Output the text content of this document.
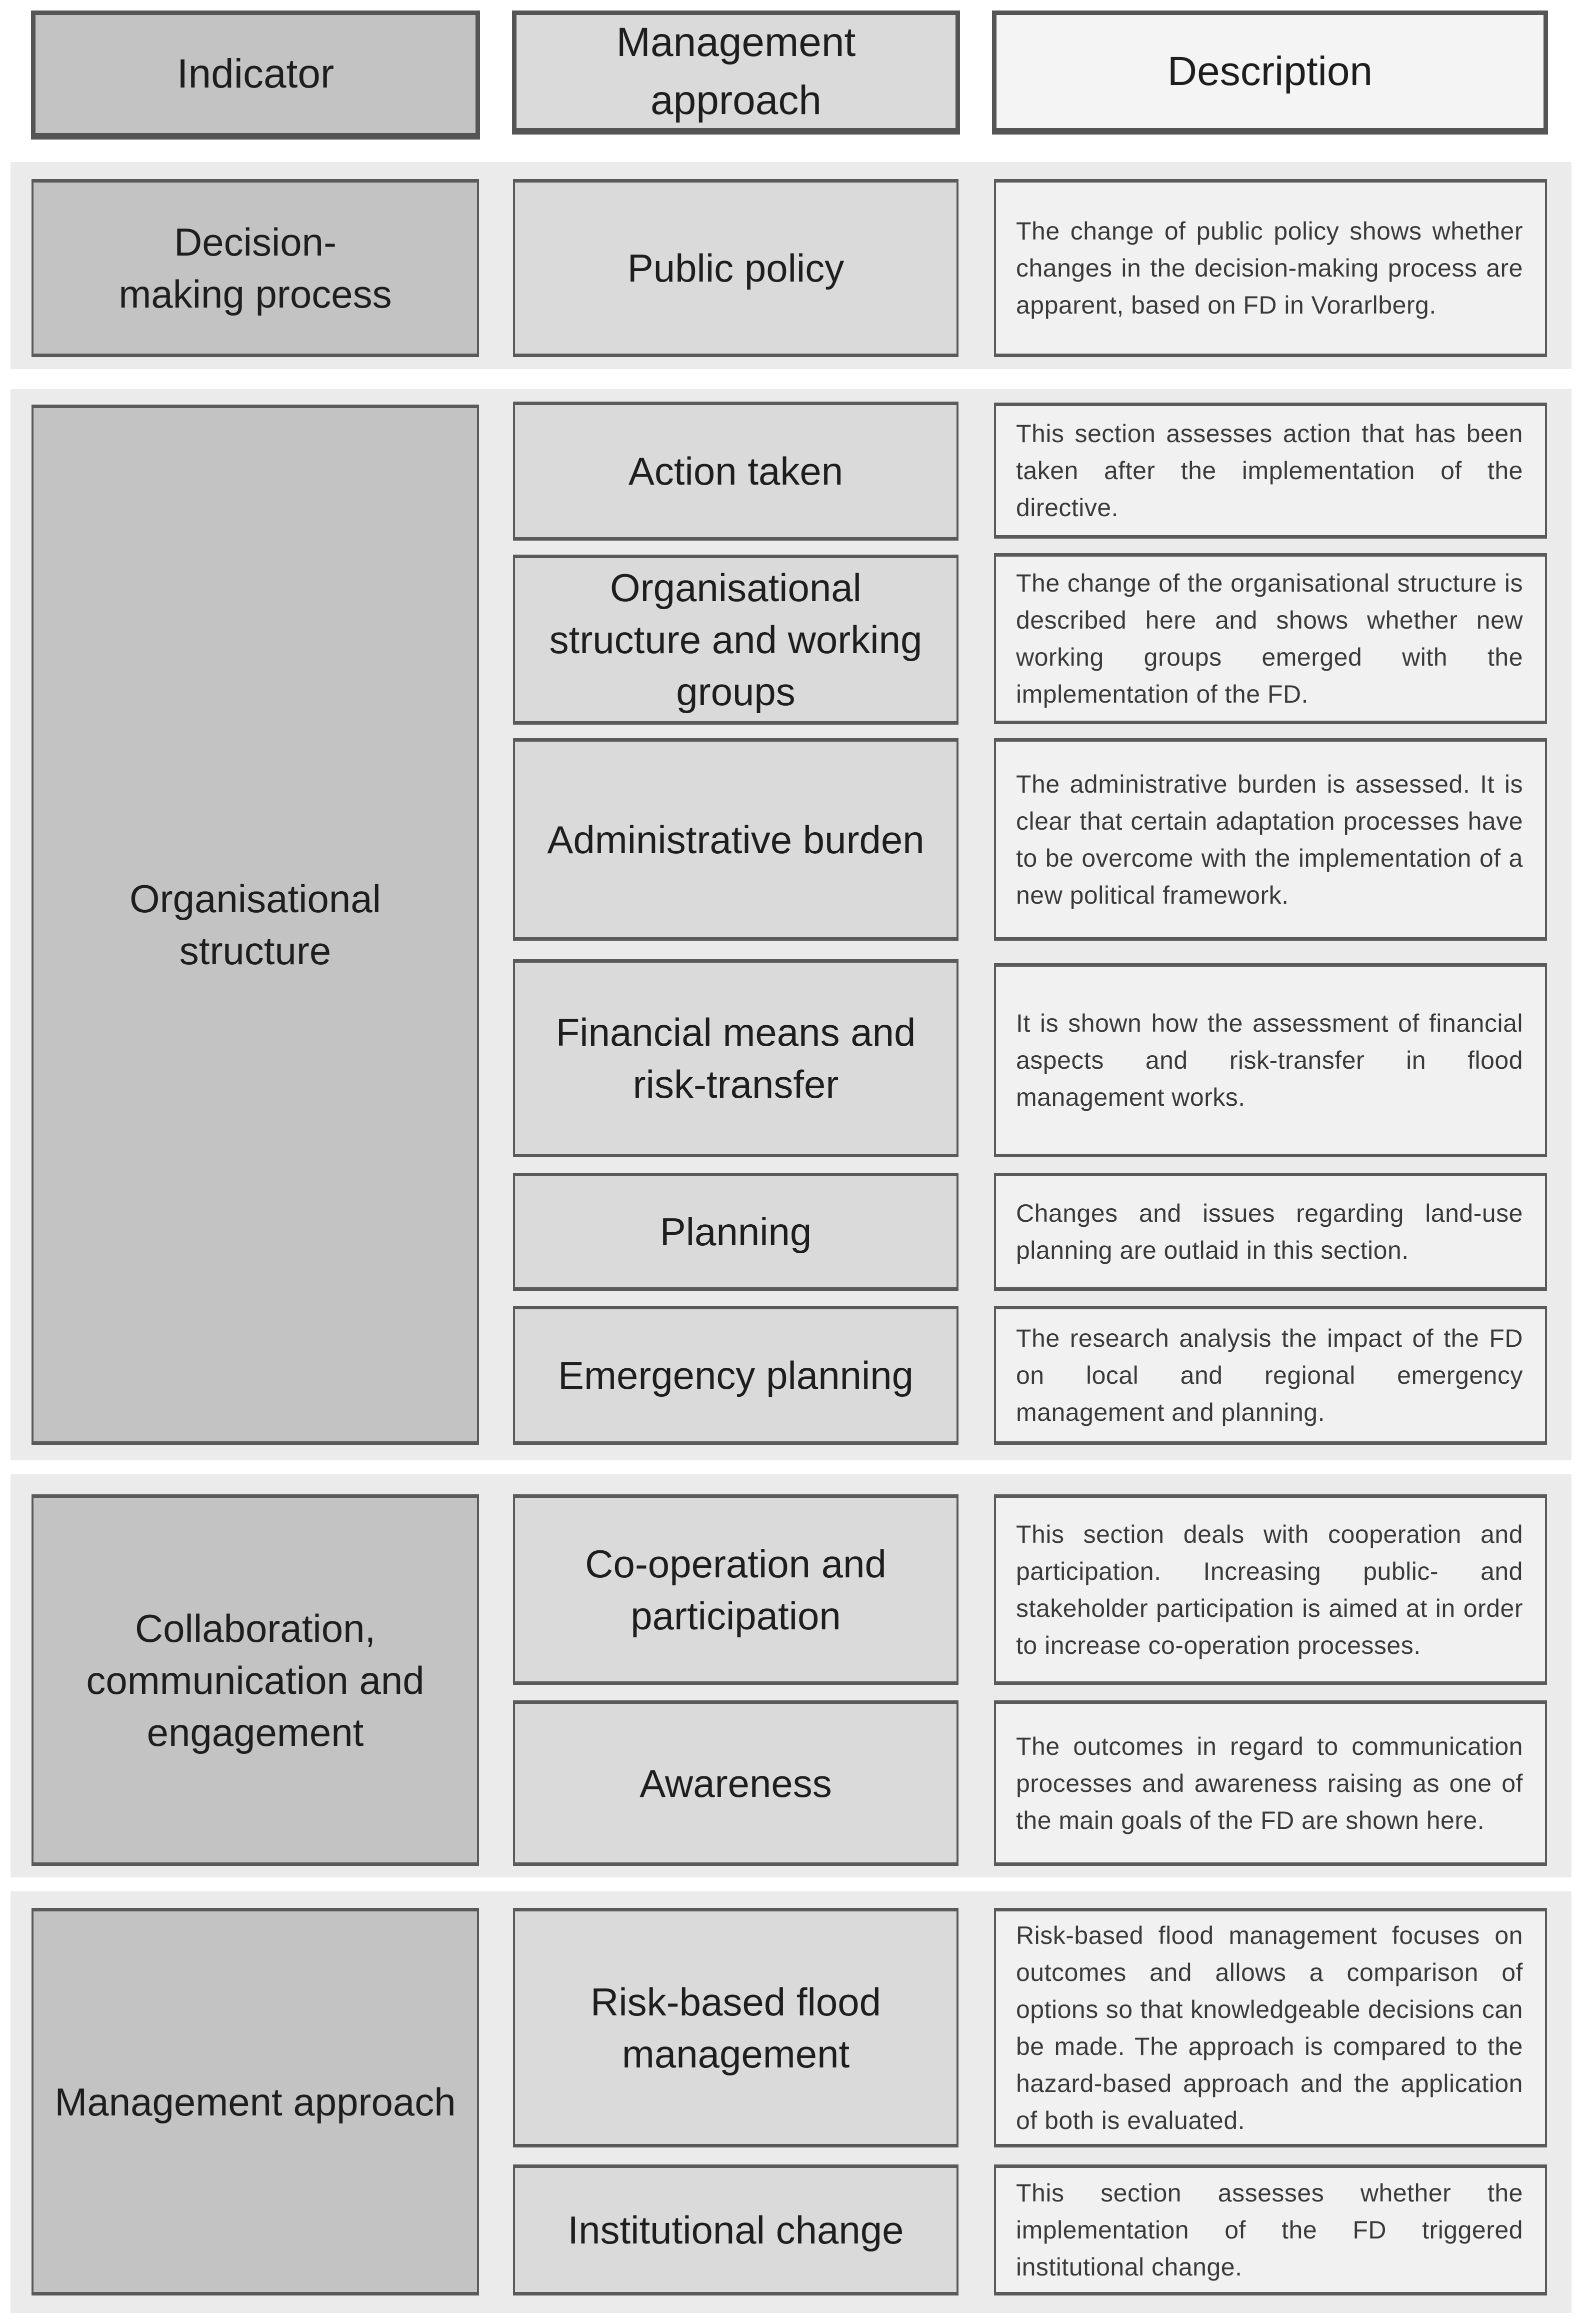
Indicator
Management approach
Description
Decision-making process
Public policy
The change of public policy shows whether changes in the decision-making process are apparent, based on FD in Vorarlberg.
Organisational structure
Action taken
This section assesses action that has been taken after the implementation of the directive.
Organisational structure and working groups
The change of the organisational structure is described here and shows whether new working groups emerged with the implementation of the FD.
Administrative burden
The administrative burden is assessed. It is clear that certain adaptation processes have to be overcome with the implementation of a new political framework.
Financial means and risk-transfer
It is shown how the assessment of financial aspects and risk-transfer in flood management works.
Planning	Changes and issues regarding land-use planning are outlaid in this section.
Emergency planning
The research analysis the impact of the FD on local and regional emergency management and planning.
Collaboration, communication and engagement
Co-operation and participation
This section deals with cooperation and participation. Increasing public- and stakeholder participation is aimed at in order to increase co-operation processes.
Awareness
The outcomes in regard to communication processes and awareness raising as one of the main goals of the FD are shown here.
Management approach
Risk-based flood management
Risk-based flood management focuses on outcomes and allows a comparison of options so that knowledgeable decisions can be made. The approach is compared to the hazard-based approach and the application of both is evaluated.
Institutional change
This section assesses whether the implementation of the FD triggered institutional change.
